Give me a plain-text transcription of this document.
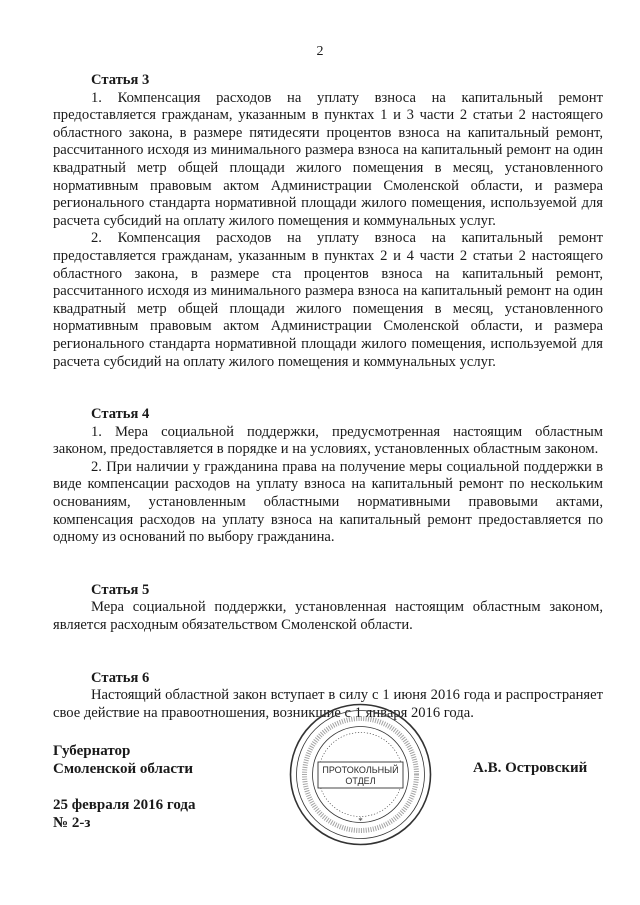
2

Статья 3

1. Компенсация расходов на уплату взноса на капитальный ремонт предоставляется гражданам, указанным в пунктах 1 и 3 части 2 статьи 2 настоящего областного закона, в размере пятидесяти процентов взноса на капитальный ремонт, рассчитанного исходя из минимального размера взноса на капитальный ремонт на один квадратный метр общей площади жилого помещения в месяц, установленного нормативным правовым актом Администрации Смоленской области, и размера регионального стандарта нормативной площади жилого помещения, используемой для расчета субсидий на оплату жилого помещения и коммунальных услуг.

2. Компенсация расходов на уплату взноса на капитальный ремонт предоставляется гражданам, указанным в пунктах 2 и 4 части 2 статьи 2 настоящего областного закона, в размере ста процентов взноса на капитальный ремонт, рассчитанного исходя из минимального размера взноса на капитальный ремонт на один квадратный метр общей площади жилого помещения в месяц, установленного нормативным правовым актом Администрации Смоленской области, и размера регионального стандарта нормативной площади жилого помещения, используемой для расчета субсидий на оплату жилого помещения и коммунальных услуг.

Статья 4

1. Мера социальной поддержки, предусмотренная настоящим областным законом, предоставляется в порядке и на условиях, установленных областным законом.

2. При наличии у гражданина права на получение меры социальной поддержки в виде компенсации расходов на уплату взноса на капитальный ремонт по нескольким основаниям, установленным областными нормативными правовыми актами, компенсация расходов на уплату взноса на капитальный ремонт предоставляется по одному из оснований по выбору гражданина.

Статья 5

Мера социальной поддержки, установленная настоящим областным законом, является расходным обязательством Смоленской области.

Статья 6

Настоящий областной закон вступает в силу с 1 июня 2016 года и распространяет свое действие на правоотношения, возникшие с 1 января 2016 года.

*
ПРОТОКОЛЬНЫЙ
ОТДЕЛ
Губернатор
Смоленской области	А.В. Островский
25 февраля 2016 года
№ 2-з
